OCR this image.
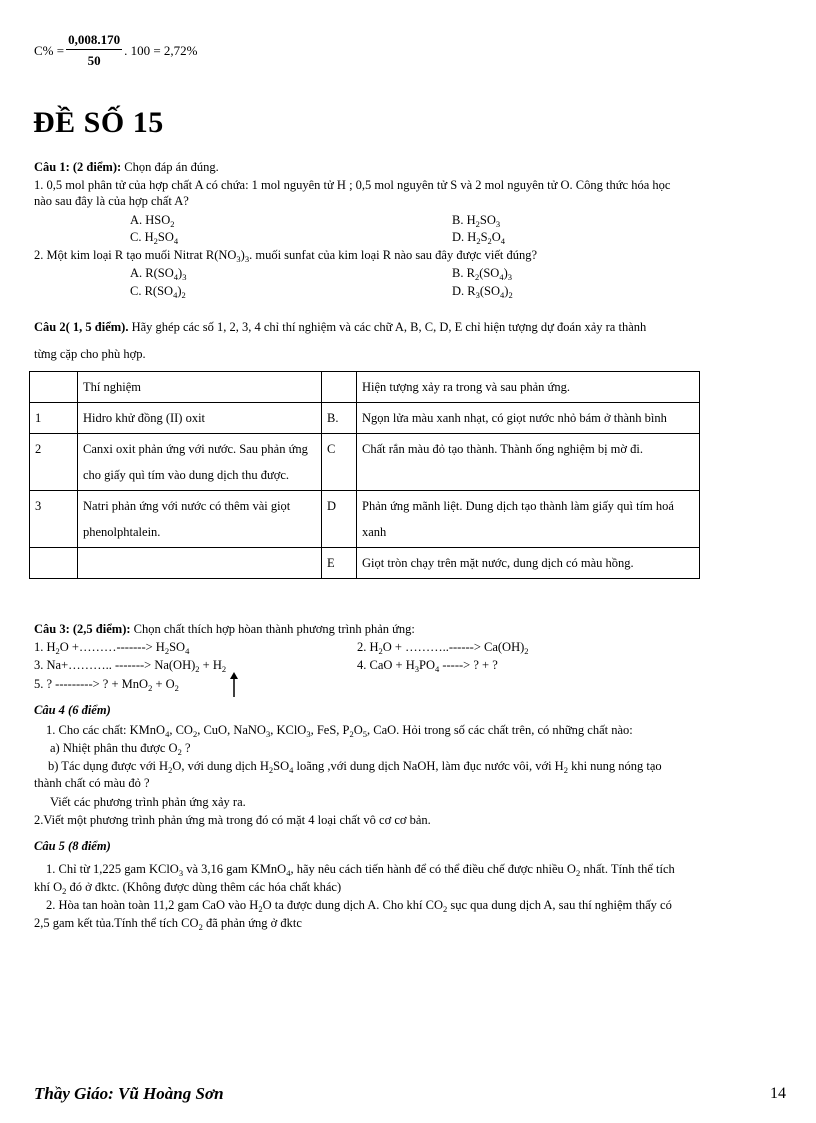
$C\% = \frac{0,008.170}{50}$ . 100 = 2,72%
ĐỀ SỐ 15
Câu 1: (2 điểm): Chọn đáp án đúng.
1. 0,5 mol phân tử của hợp chất A có chứa: 1 mol nguyên tử H ; 0,5 mol nguyên tử S và 2 mol nguyên tử O. Công thức hóa học
nào sau đây là của hợp chất A?
A. $HSO_2$	B. $H_2SO_3$
C. $H_2SO_4$	D. $H_2S_2O_4$
2. Một kim loại R tạo muối Nitrat $R(NO_3)_3$. muối sunfat của kim loại R nào sau đây được viết đúng?
A. $R(SO_4)_3$	B. $R_2(SO_4)_3$
C. $R(SO_4)_2$	D. $R_3(SO_4)_2$
Câu 2( 1, 5 điểm). Hãy ghép các số 1, 2, 3, 4 chỉ thí nghiệm và các chữ A, B, C, D, E chỉ hiện tượng dự đoán xảy ra thành
từng cặp cho phù hợp.
	Thí nghiệm		Hiện tượng xảy ra trong và sau phản ứng.
1	Hidro khử đồng (II) oxit	B.	Ngọn lửa màu xanh nhạt, có giọt nước nhỏ bám ở thành bình
2	Canxi oxit phản ứng với nước. Sau phản ứng cho giấy quì tím vào dung dịch thu được.	C	Chất rắn màu đỏ tạo thành. Thành ống nghiệm bị mờ đi.
3	Natri phản ứng với nước có thêm vài giọt phenolphtalein.	D	Phản ứng mãnh liệt. Dung dịch tạo thành làm giấy quì tím hoá xanh
		E	Giọt tròn chạy trên mặt nước, dung dịch có màu hồng.
Câu 3: (2,5 điểm): Chọn chất thích hợp hòan thành phương trình phản ứng:
1. $H_2O$ +………-------> $H_2SO_4$	2. $H_2O$ + ………..------> $Ca(OH)_2$
3. Na+……….. -------> $Na(OH)_2 + H_2$	4. CaO + $H_3PO_4$ -----> ? + ?
5. ? ---------> ? + $MnO_2 + O_2$
Câu 4 (6 điểm)
1. Cho các chất: KMnO$_4$, $CO_2$, CuO, NaNO$_3$, KClO$_3$, FeS, $P_2O_5$, CaO. Hỏi trong số các chất trên, có những chất nào:
a) Nhiệt phân thu được $O_2$ ?
b) Tác dụng được với $H_2O$, với dung dịch $H_2SO_4$ loãng ,với dung dịch NaOH, làm đục nước vôi, với $H_2$ khi nung nóng tạo
thành chất có màu đỏ ?
Viết các phương trình phản ứng xảy ra.
2.Viết một phương trình phản ứng mà trong đó có mặt 4 loại chất vô cơ cơ bản.
Câu 5 (8 điểm)
1. Chỉ từ 1,225 gam KClO$_3$ và 3,16 gam KMnO$_4$, hãy nêu cách tiến hành để có thể điều chế được nhiều $O_2$ nhất. Tính thể tích
khí $O_2$ đó ở đktc. (Không được dùng thêm các hóa chất khác)
2. Hòa tan hoàn toàn 11,2 gam CaO vào $H_2O$ ta được dung dịch A. Cho khí $CO_2$ sục qua dung dịch A, sau thí nghiệm thấy có
2,5 gam kết tủa.Tính thể tích $CO_2$ đã phản ứng ở đktc
Thầy Giáo: Vũ Hoàng Sơn	14
